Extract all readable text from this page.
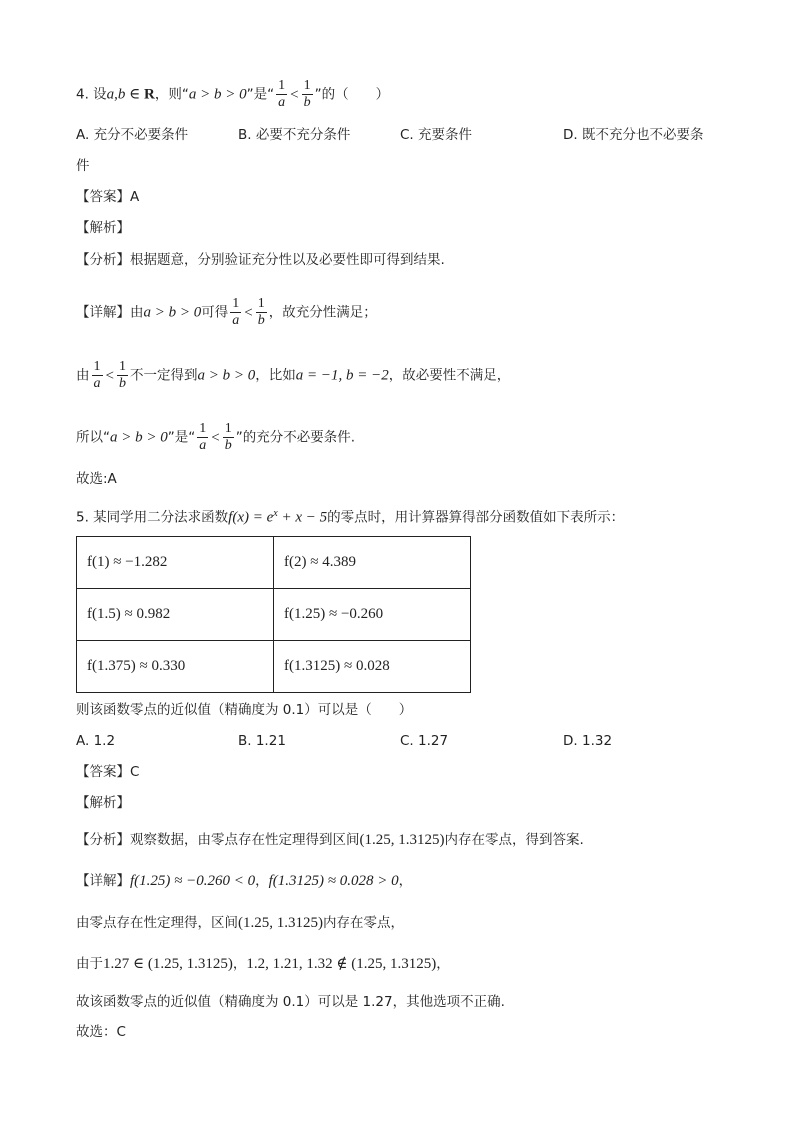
4. 设a,b ∈ R，则“a > b > 0”是“ $\frac{1}{a} < \frac{1}{b}$ ”的（　　）
A. 充分不必要条件	B. 必要不充分条件	C. 充要条件	D. 既不充分也不必要条
件
【答案】A
【解析】
【分析】根据题意，分别验证充分性以及必要性即可得到结果.
【详解】由a > b > 0可得 $\frac{1}{a} < \frac{1}{b}$ ，故充分性满足；
由 $\frac{1}{a} < \frac{1}{b}$ 不一定得到a > b > 0，比如a = −1, b = −2，故必要性不满足，
所以“a > b > 0”是“ $\frac{1}{a} < \frac{1}{b}$ ”的充分不必要条件.
故选:A
5. 某同学用二分法求函数$f(x) = e^x + x - 5$的零点时，用计算器算得部分函数值如下表所示：
f(1) ≈ −1.282	f(2) ≈ 4.389
f(1.5) ≈ 0.982	f(1.25) ≈ −0.260
f(1.375) ≈ 0.330	f(1.3125) ≈ 0.028
则该函数零点的近似值（精确度为 0.1）可以是（　　）
A. 1.2	B. 1.21	C. 1.27	D. 1.32
【答案】C
【解析】
【分析】观察数据，由零点存在性定理得到区间(1.25, 1.3125)内存在零点，得到答案.
【详解】f(1.25) ≈ −0.260 < 0，f(1.3125) ≈ 0.028 > 0，
由零点存在性定理得，区间(1.25, 1.3125)内存在零点，
由于1.27 ∈ (1.25, 1.3125)，1.2, 1.21, 1.32 ∉ (1.25, 1.3125)，
故该函数零点的近似值（精确度为 0.1）可以是 1.27，其他选项不正确.
故选：C
